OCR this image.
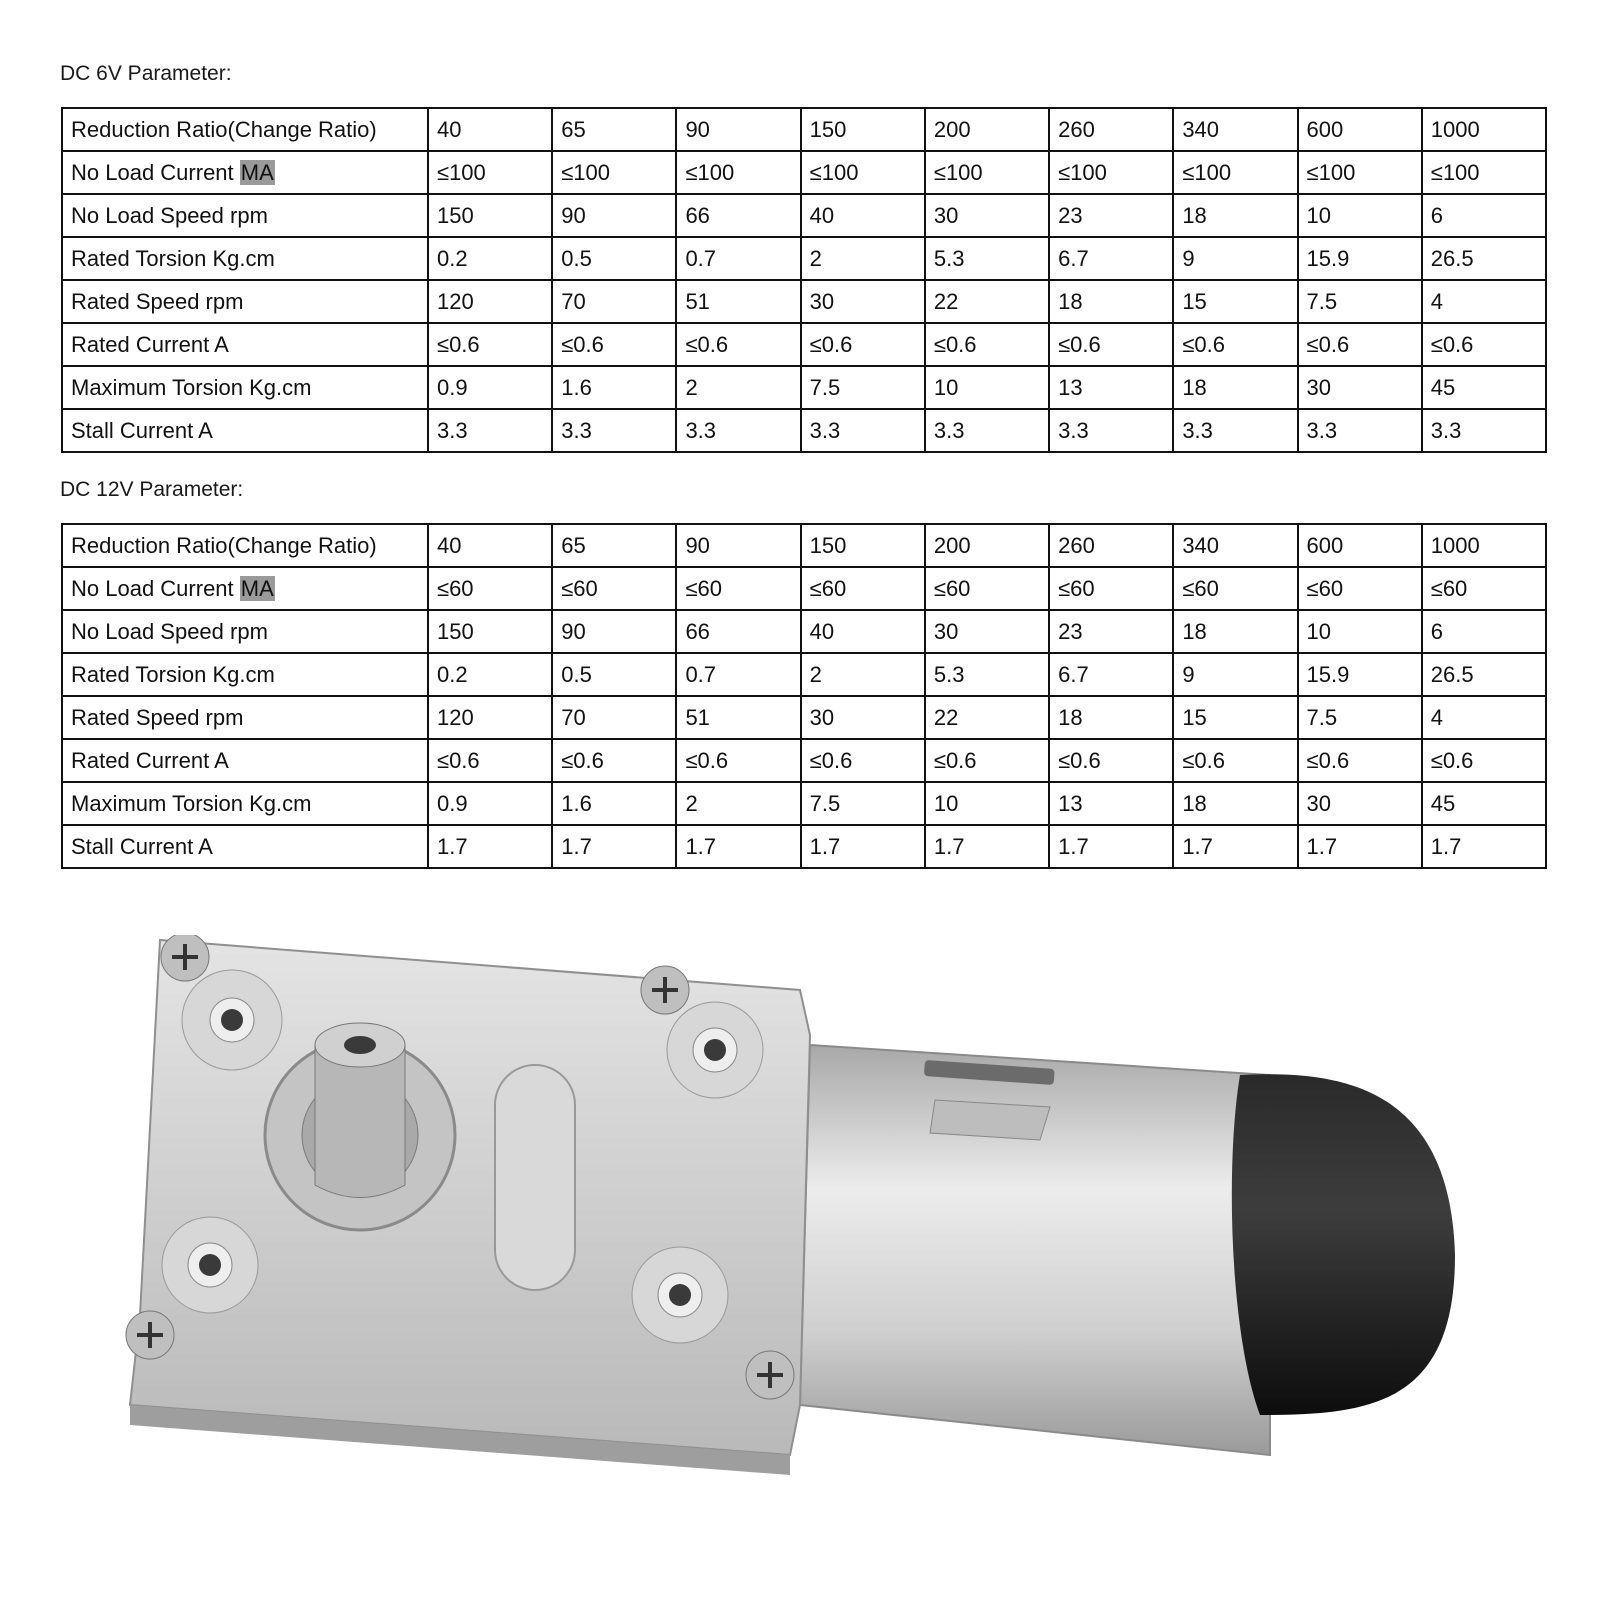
DC 6V Parameter:
Reduction Ratio(Change Ratio)	40	65	90	150	200	260	340	600	1000
No Load Current MA	≤100	≤100	≤100	≤100	≤100	≤100	≤100	≤100	≤100
No Load Speed rpm	150	90	66	40	30	23	18	10	6
Rated Torsion Kg.cm	0.2	0.5	0.7	2	5.3	6.7	9	15.9	26.5
Rated Speed rpm	120	70	51	30	22	18	15	7.5	4
Rated Current A	≤0.6	≤0.6	≤0.6	≤0.6	≤0.6	≤0.6	≤0.6	≤0.6	≤0.6
Maximum Torsion Kg.cm	0.9	1.6	2	7.5	10	13	18	30	45
Stall Current A	3.3	3.3	3.3	3.3	3.3	3.3	3.3	3.3	3.3
DC 12V Parameter:
Reduction Ratio(Change Ratio)	40	65	90	150	200	260	340	600	1000
No Load Current MA	≤60	≤60	≤60	≤60	≤60	≤60	≤60	≤60	≤60
No Load Speed rpm	150	90	66	40	30	23	18	10	6
Rated Torsion Kg.cm	0.2	0.5	0.7	2	5.3	6.7	9	15.9	26.5
Rated Speed rpm	120	70	51	30	22	18	15	7.5	4
Rated Current A	≤0.6	≤0.6	≤0.6	≤0.6	≤0.6	≤0.6	≤0.6	≤0.6	≤0.6
Maximum Torsion Kg.cm	0.9	1.6	2	7.5	10	13	18	30	45
Stall Current A	1.7	1.7	1.7	1.7	1.7	1.7	1.7	1.7	1.7
